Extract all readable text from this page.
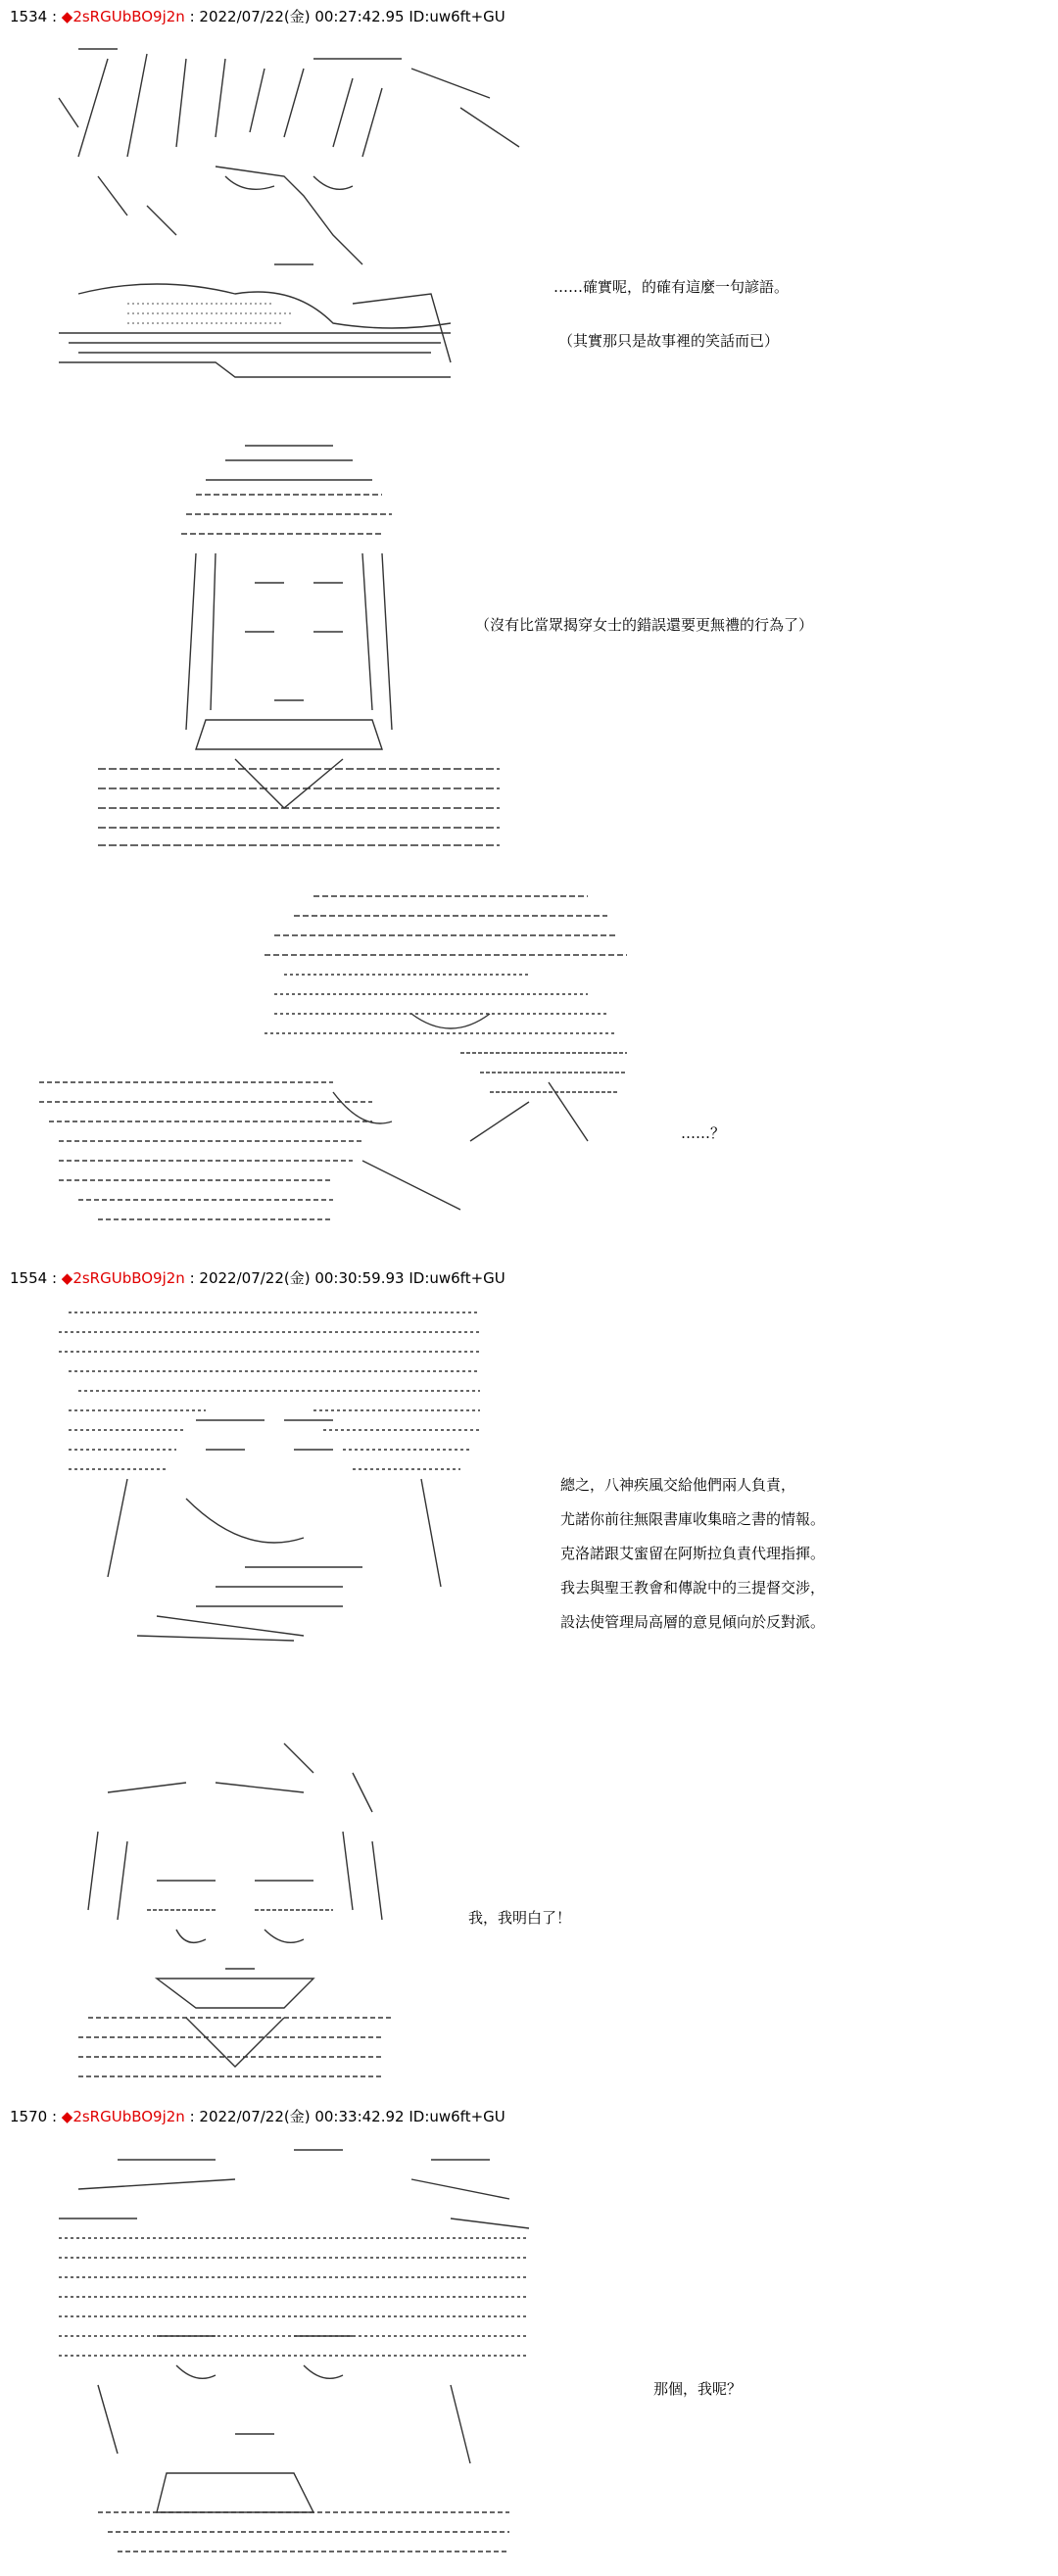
1534 : ◆2sRGUbBO9j2n : 2022/07/22(金) 00:27:42.95 ID:uw6ft+GU
……確實呢，的確有這麼一句諺語。
（其實那只是故事裡的笑話而已）
（沒有比當眾揭穿女士的錯誤還要更無禮的行為了）
……？
1554 : ◆2sRGUbBO9j2n : 2022/07/22(金) 00:30:59.93 ID:uw6ft+GU
總之，八神疾風交給他們兩人負責，
尤諾你前往無限書庫收集暗之書的情報。
克洛諾跟艾蜜留在阿斯拉負責代理指揮。
我去與聖王教會和傳說中的三提督交涉，
設法使管理局高層的意見傾向於反對派。
我，我明白了！
1570 : ◆2sRGUbBO9j2n : 2022/07/22(金) 00:33:42.92 ID:uw6ft+GU
那個，我呢？
